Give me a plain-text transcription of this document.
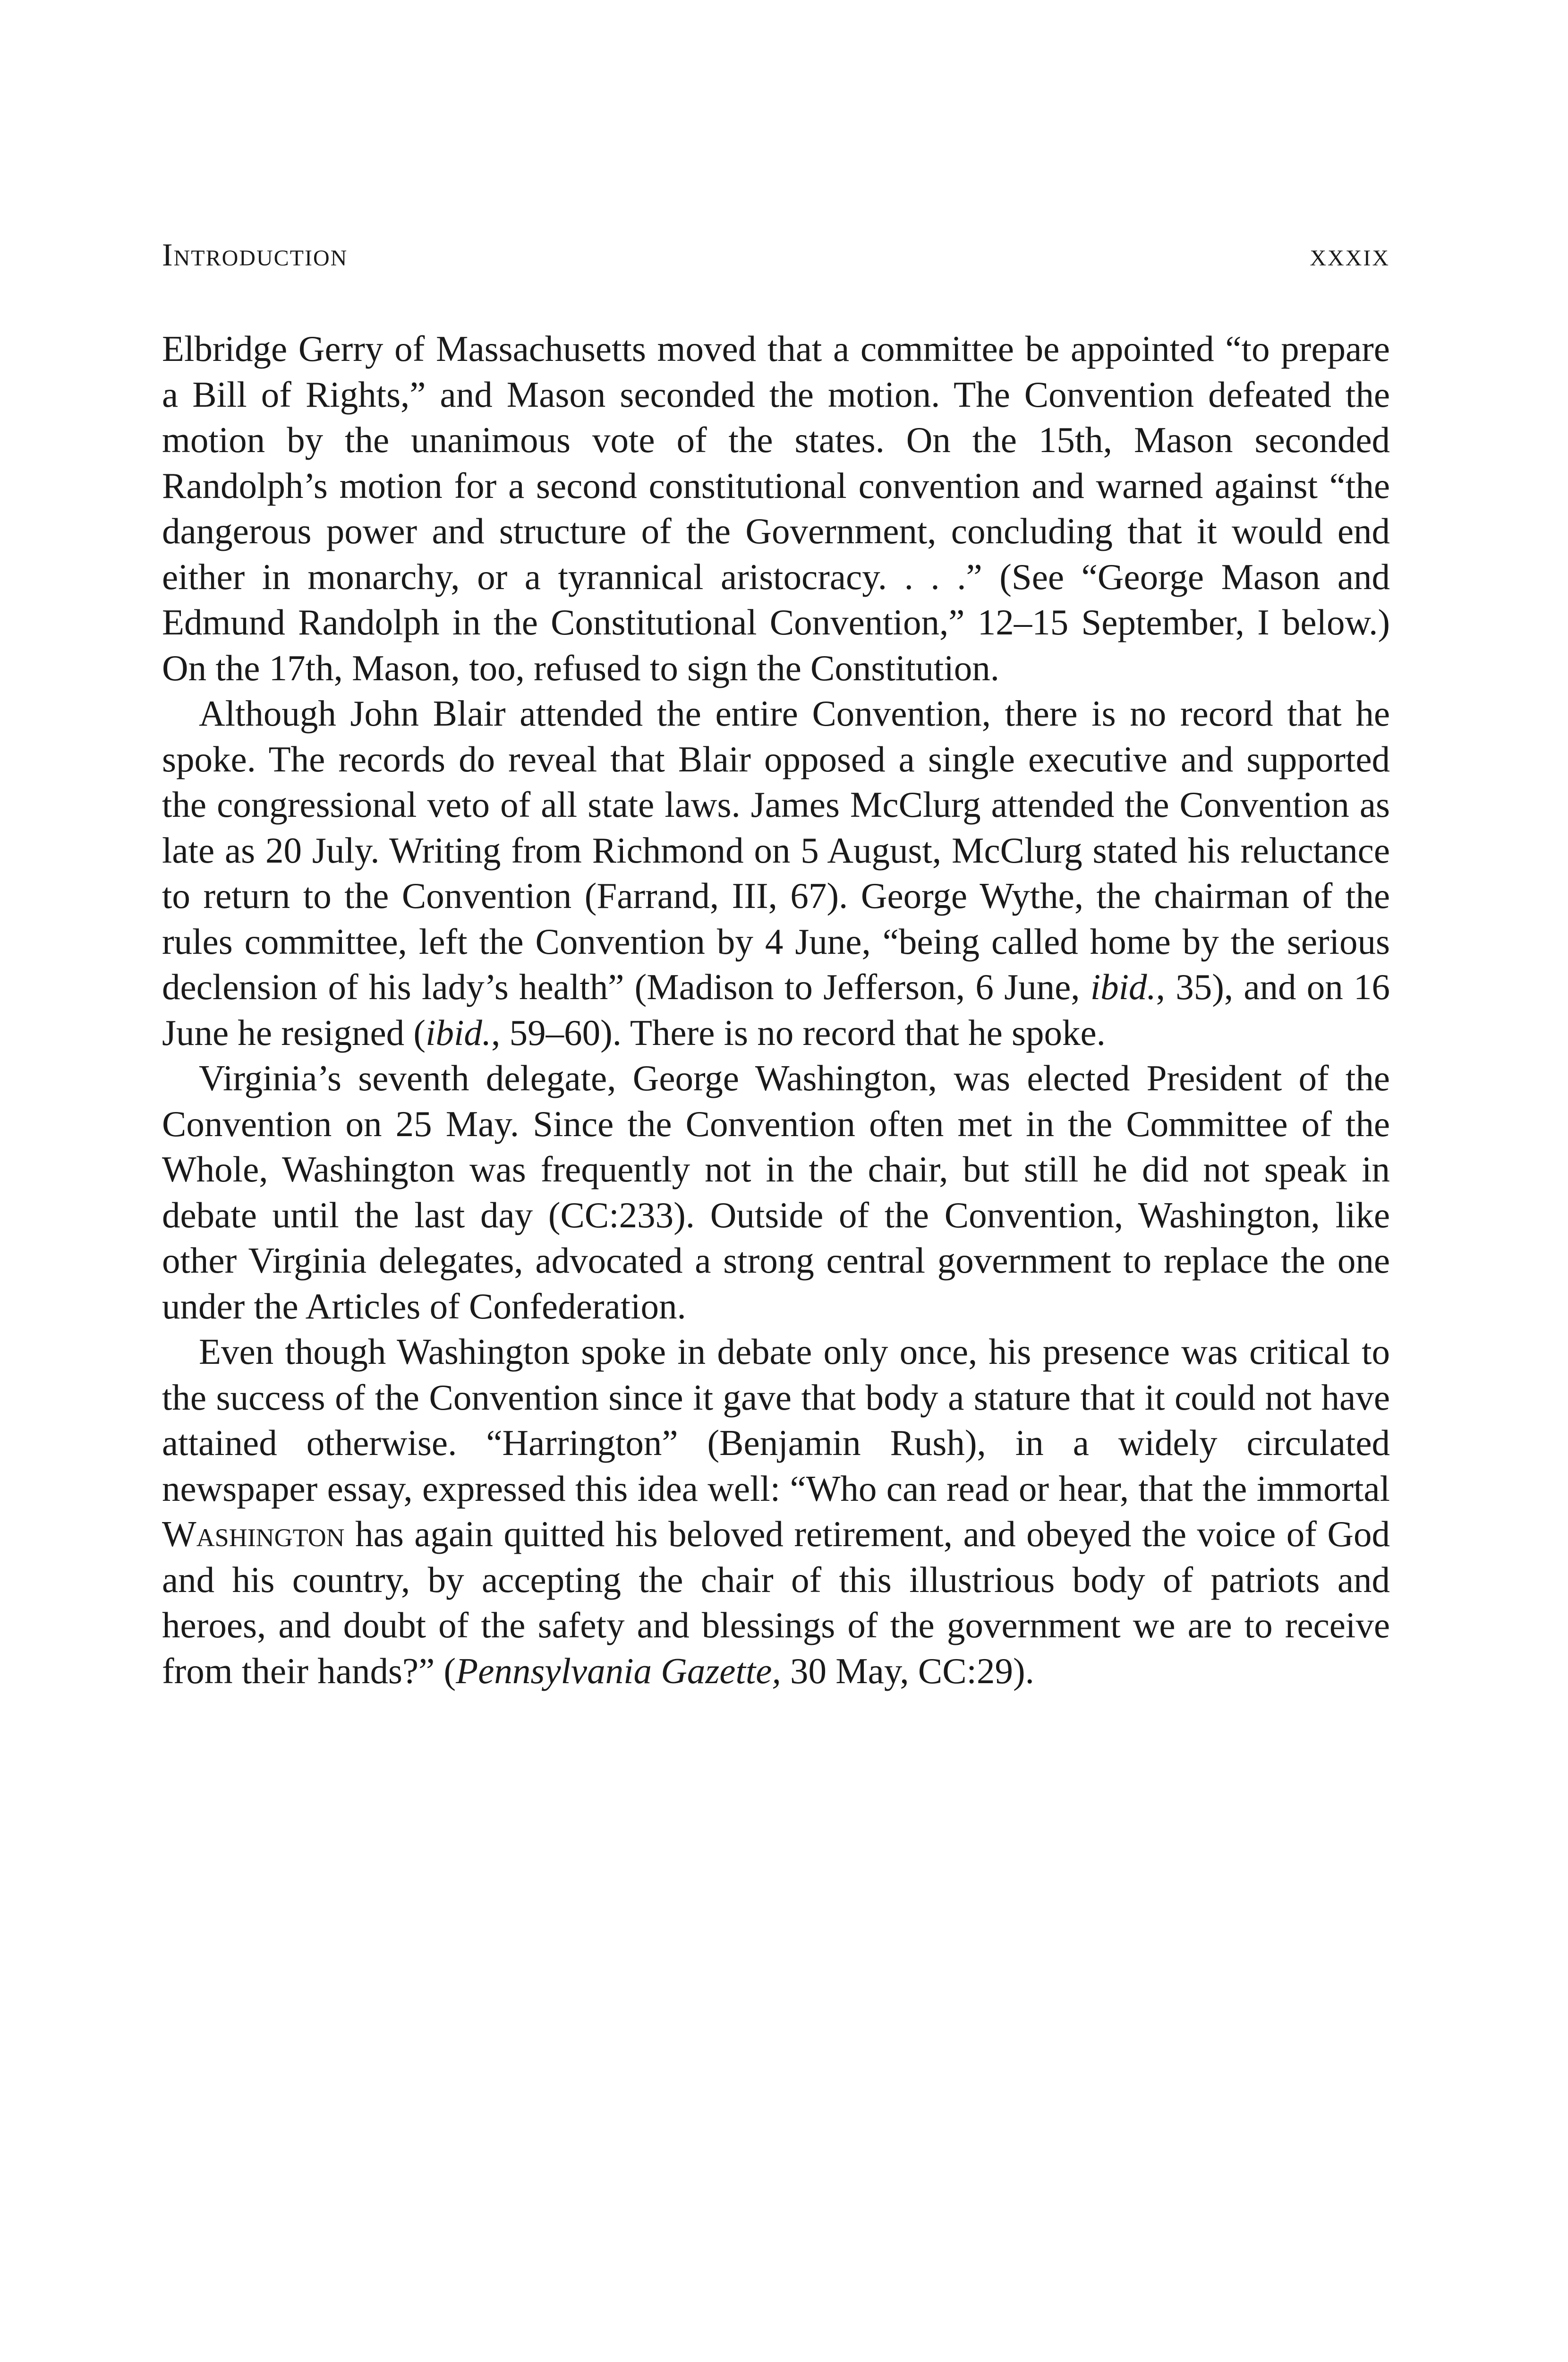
Introduction	xxxix

Elbridge Gerry of Massachusetts moved that a committee be appointed “to prepare a Bill of Rights,” and Mason seconded the motion. The Convention defeated the motion by the unanimous vote of the states. On the 15th, Mason seconded Randolph’s motion for a second constitutional convention and warned against “the dangerous power and structure of the Government, concluding that it would end either in monarchy, or a tyrannical aristocracy. . . .” (See “George Mason and Edmund Randolph in the Constitutional Convention,” 12–15 September, I below.) On the 17th, Mason, too, refused to sign the Constitution.

Although John Blair attended the entire Convention, there is no record that he spoke. The records do reveal that Blair opposed a single executive and supported the congressional veto of all state laws. James McClurg attended the Convention as late as 20 July. Writing from Richmond on 5 August, McClurg stated his reluctance to return to the Convention (Farrand, III, 67). George Wythe, the chairman of the rules committee, left the Convention by 4 June, “being called home by the serious declension of his lady’s health” (Madison to Jefferson, 6 June, ibid., 35), and on 16 June he resigned (ibid., 59–60). There is no record that he spoke.

Virginia’s seventh delegate, George Washington, was elected President of the Convention on 25 May. Since the Convention often met in the Committee of the Whole, Washington was frequently not in the chair, but still he did not speak in debate until the last day (CC:233). Outside of the Convention, Washington, like other Virginia delegates, advocated a strong central government to replace the one under the Articles of Confederation.

Even though Washington spoke in debate only once, his presence was critical to the success of the Convention since it gave that body a stature that it could not have attained otherwise. “Harrington” (Benjamin Rush), in a widely circulated newspaper essay, expressed this idea well: “Who can read or hear, that the immortal Washington has again quitted his beloved retirement, and obeyed the voice of God and his country, by accepting the chair of this illustrious body of patriots and heroes, and doubt of the safety and blessings of the government we are to receive from their hands?” (Pennsylvania Gazette, 30 May, CC:29).
